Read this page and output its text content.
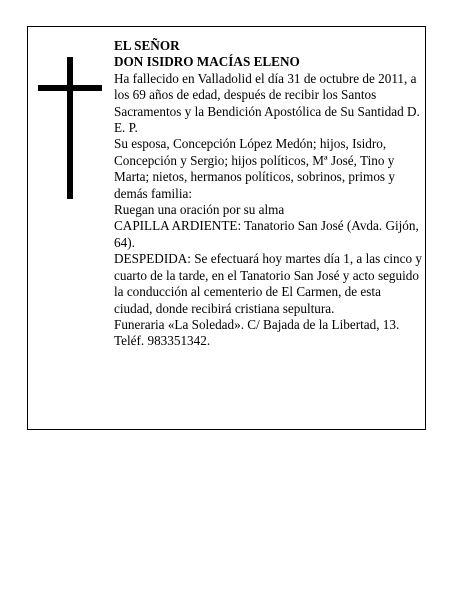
EL SEÑOR

DON ISIDRO MACÍAS ELENO

Ha fallecido en Valladolid el día 31 de octubre de 2011, a los 69 años de edad, después de recibir los Santos Sacramentos y la Bendición Apostólica de Su Santidad D. E. P.

Su esposa, Concepción López Medón; hijos, Isidro, Concepción y Sergio; hijos políticos, Mª José, Tino y Marta; nietos, hermanos políticos, sobrinos, primos y demás familia:

Ruegan una oración por su alma

CAPILLA ARDIENTE: Tanatorio San José (Avda. Gijón, 64).

DESPEDIDA: Se efectuará hoy martes día 1, a las cinco y cuarto de la tarde, en el Tanatorio San José y acto seguido la conducción al cementerio de El Carmen, de esta ciudad, donde recibirá cristiana sepultura.

Funeraria «La Soledad». C/ Bajada de la Libertad, 13. Teléf. 983351342.
